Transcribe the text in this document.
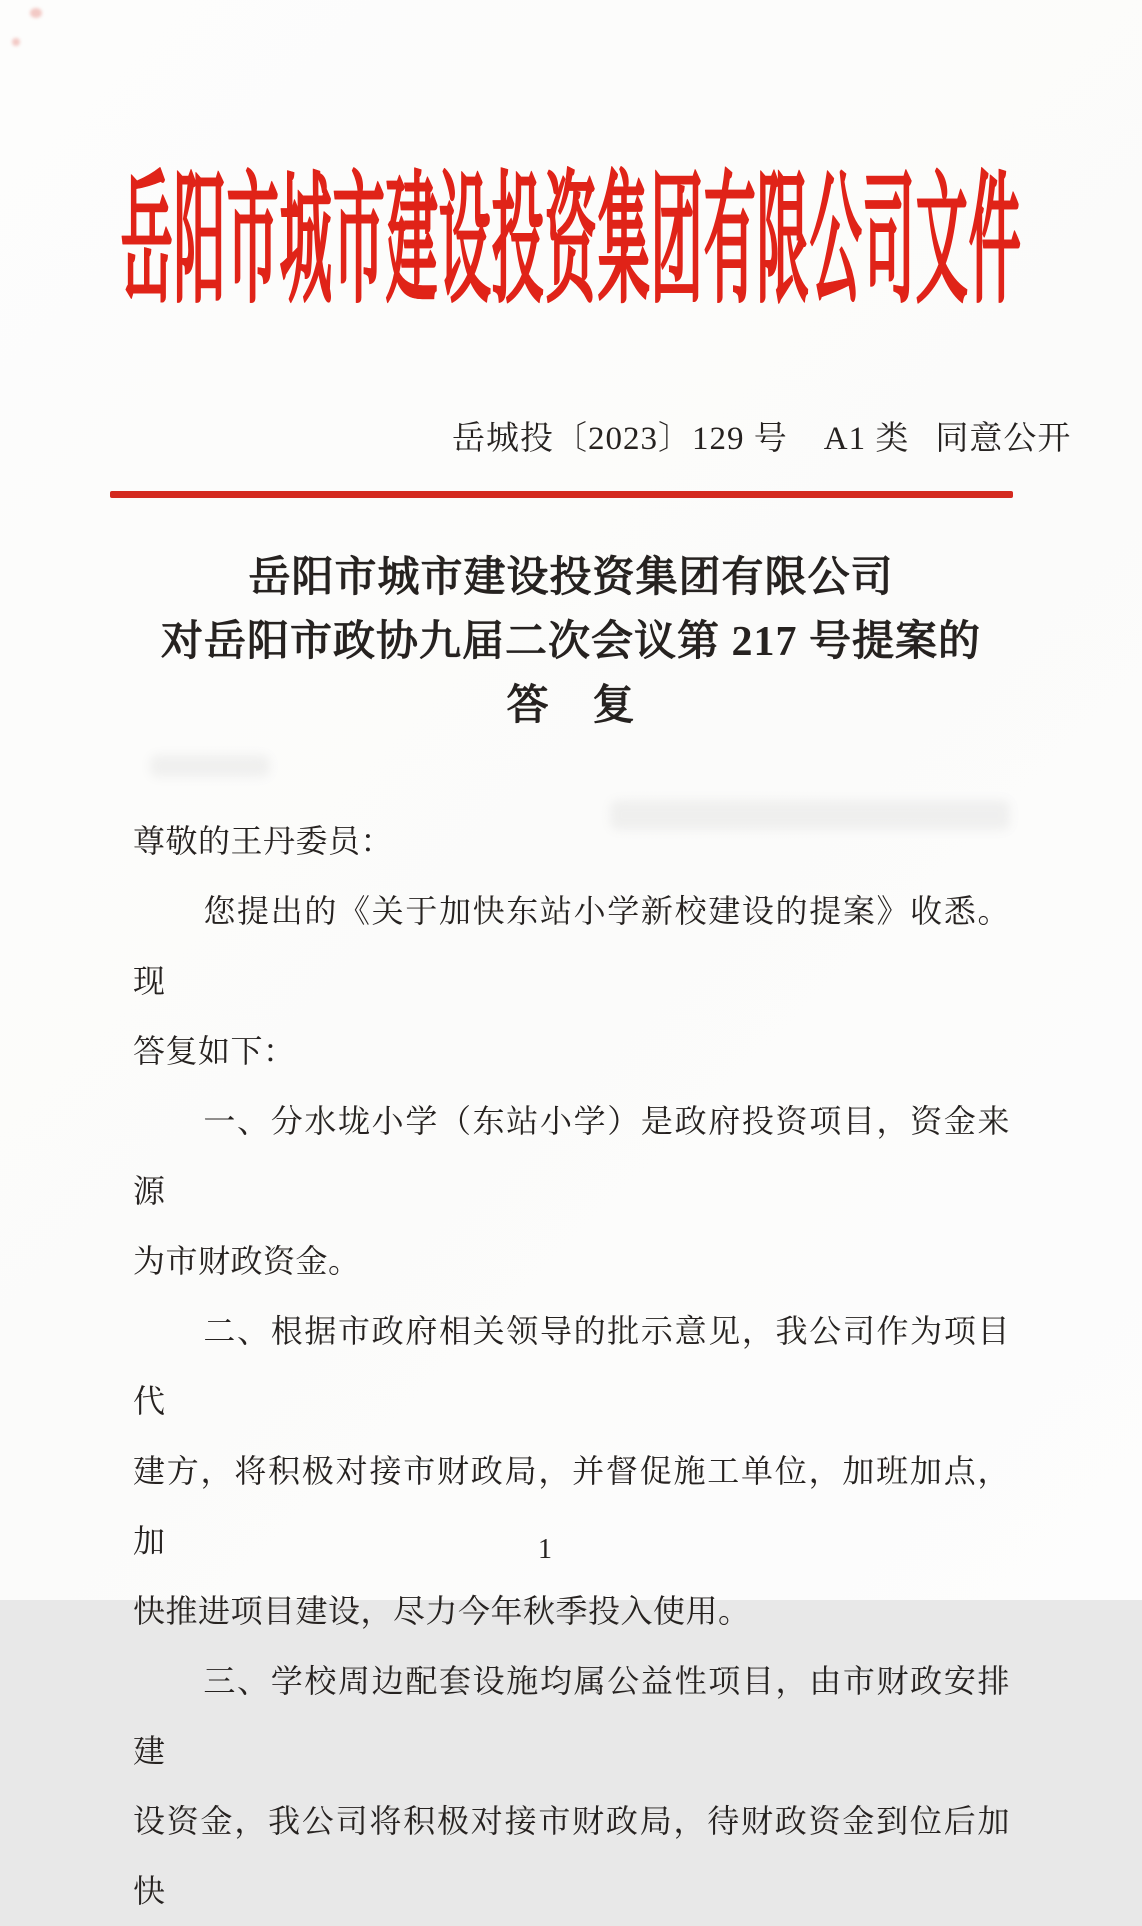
岳阳市城市建设投资集团有限公司文件
岳城投〔2023〕129 号 A1 类 同意公开
岳阳市城市建设投资集团有限公司
对岳阳市政协九届二次会议第 217 号提案的
答　复
尊敬的王丹委员：
您提出的《关于加快东站小学新校建设的提案》收悉。现
答复如下：
一、分水垅小学（东站小学）是政府投资项目，资金来源
为市财政资金。
二、根据市政府相关领导的批示意见，我公司作为项目代
建方，将积极对接市财政局，并督促施工单位，加班加点，加
快推进项目建设，尽力今年秋季投入使用。
三、学校周边配套设施均属公益性项目，由市财政安排建
设资金，我公司将积极对接市财政局，待财政资金到位后加快
1
